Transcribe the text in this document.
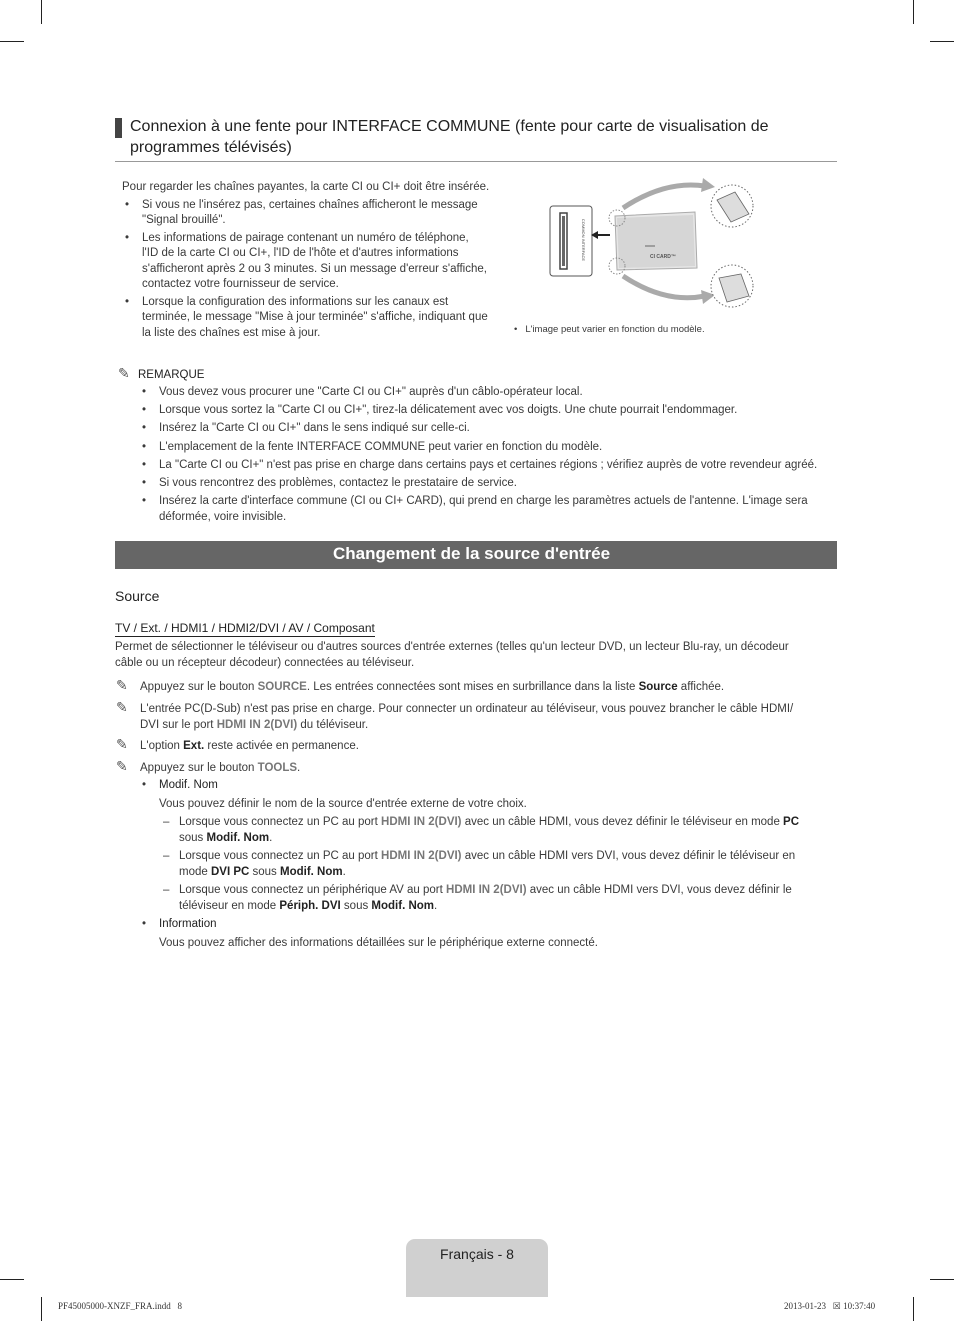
Connexion à une fente pour INTERFACE COMMUNE (fente pour carte de visualisation de
programmes télévisés)
Pour regarder les chaînes payantes, la carte CI ou CI+ doit être insérée.
• Si vous ne l'insérez pas, certaines chaînes afficheront le message
"Signal brouillé".
• Les informations de pairage contenant un numéro de téléphone,
l'ID de la carte CI ou CI+, l'ID de l'hôte et d'autres informations
s'afficheront après 2 ou 3 minutes. Si un message d'erreur s'affiche,
contactez votre fournisseur de service.
• Lorsque la configuration des informations sur les canaux est
terminée, le message "Mise à jour terminée" s'affiche, indiquant que
la liste des chaînes est mise à jour.
COMMON INTERFACE	CI CARD™
• L'image peut varier en fonction du modèle.
✎ REMARQUE
• Vous devez vous procurer une "Carte CI ou CI+" auprès d'un câblo-opérateur local.
• Lorsque vous sortez la "Carte CI ou CI+", tirez-la délicatement avec vos doigts. Une chute pourrait l'endommager.
• Insérez la "Carte CI ou CI+" dans le sens indiqué sur celle-ci.
• L'emplacement de la fente INTERFACE COMMUNE peut varier en fonction du modèle.
• La "Carte CI ou CI+" n'est pas prise en charge dans certains pays et certaines régions ; vérifiez auprès de votre revendeur agréé.
• Si vous rencontrez des problèmes, contactez le prestataire de service.
• Insérez la carte d'interface commune (CI ou CI+ CARD), qui prend en charge les paramètres actuels de l'antenne. L'image sera
déformée, voire invisible.
Changement de la source d'entrée
Source
TV / Ext. / HDMI1 / HDMI2/DVI / AV / Composant
Permet de sélectionner le téléviseur ou d'autres sources d'entrée externes (telles qu'un lecteur DVD, un lecteur Blu-ray, un décodeur
câble ou un récepteur décodeur) connectées au téléviseur.
✎ Appuyez sur le bouton SOURCE. Les entrées connectées sont mises en surbrillance dans la liste Source affichée.
✎ L'entrée PC(D-Sub) n'est pas prise en charge. Pour connecter un ordinateur au téléviseur, vous pouvez brancher le câble HDMI/
DVI sur le port HDMI IN 2(DVI) du téléviseur.
✎ L'option Ext. reste activée en permanence.
✎ Appuyez sur le bouton TOOLS.
• Modif. Nom
Vous pouvez définir le nom de la source d'entrée externe de votre choix.
– Lorsque vous connectez un PC au port HDMI IN 2(DVI) avec un câble HDMI, vous devez définir le téléviseur en mode PC
sous Modif. Nom.
– Lorsque vous connectez un PC au port HDMI IN 2(DVI) avec un câble HDMI vers DVI, vous devez définir le téléviseur en
mode DVI PC sous Modif. Nom.
– Lorsque vous connectez un périphérique AV au port HDMI IN 2(DVI) avec un câble HDMI vers DVI, vous devez définir le
téléviseur en mode Périph. DVI sous Modif. Nom.
• Information
Vous pouvez afficher des informations détaillées sur le périphérique externe connecté.
Français - 8
PF45005000-XNZF_FRA.indd   8	2013-01-23   ☒ 10:37:40
